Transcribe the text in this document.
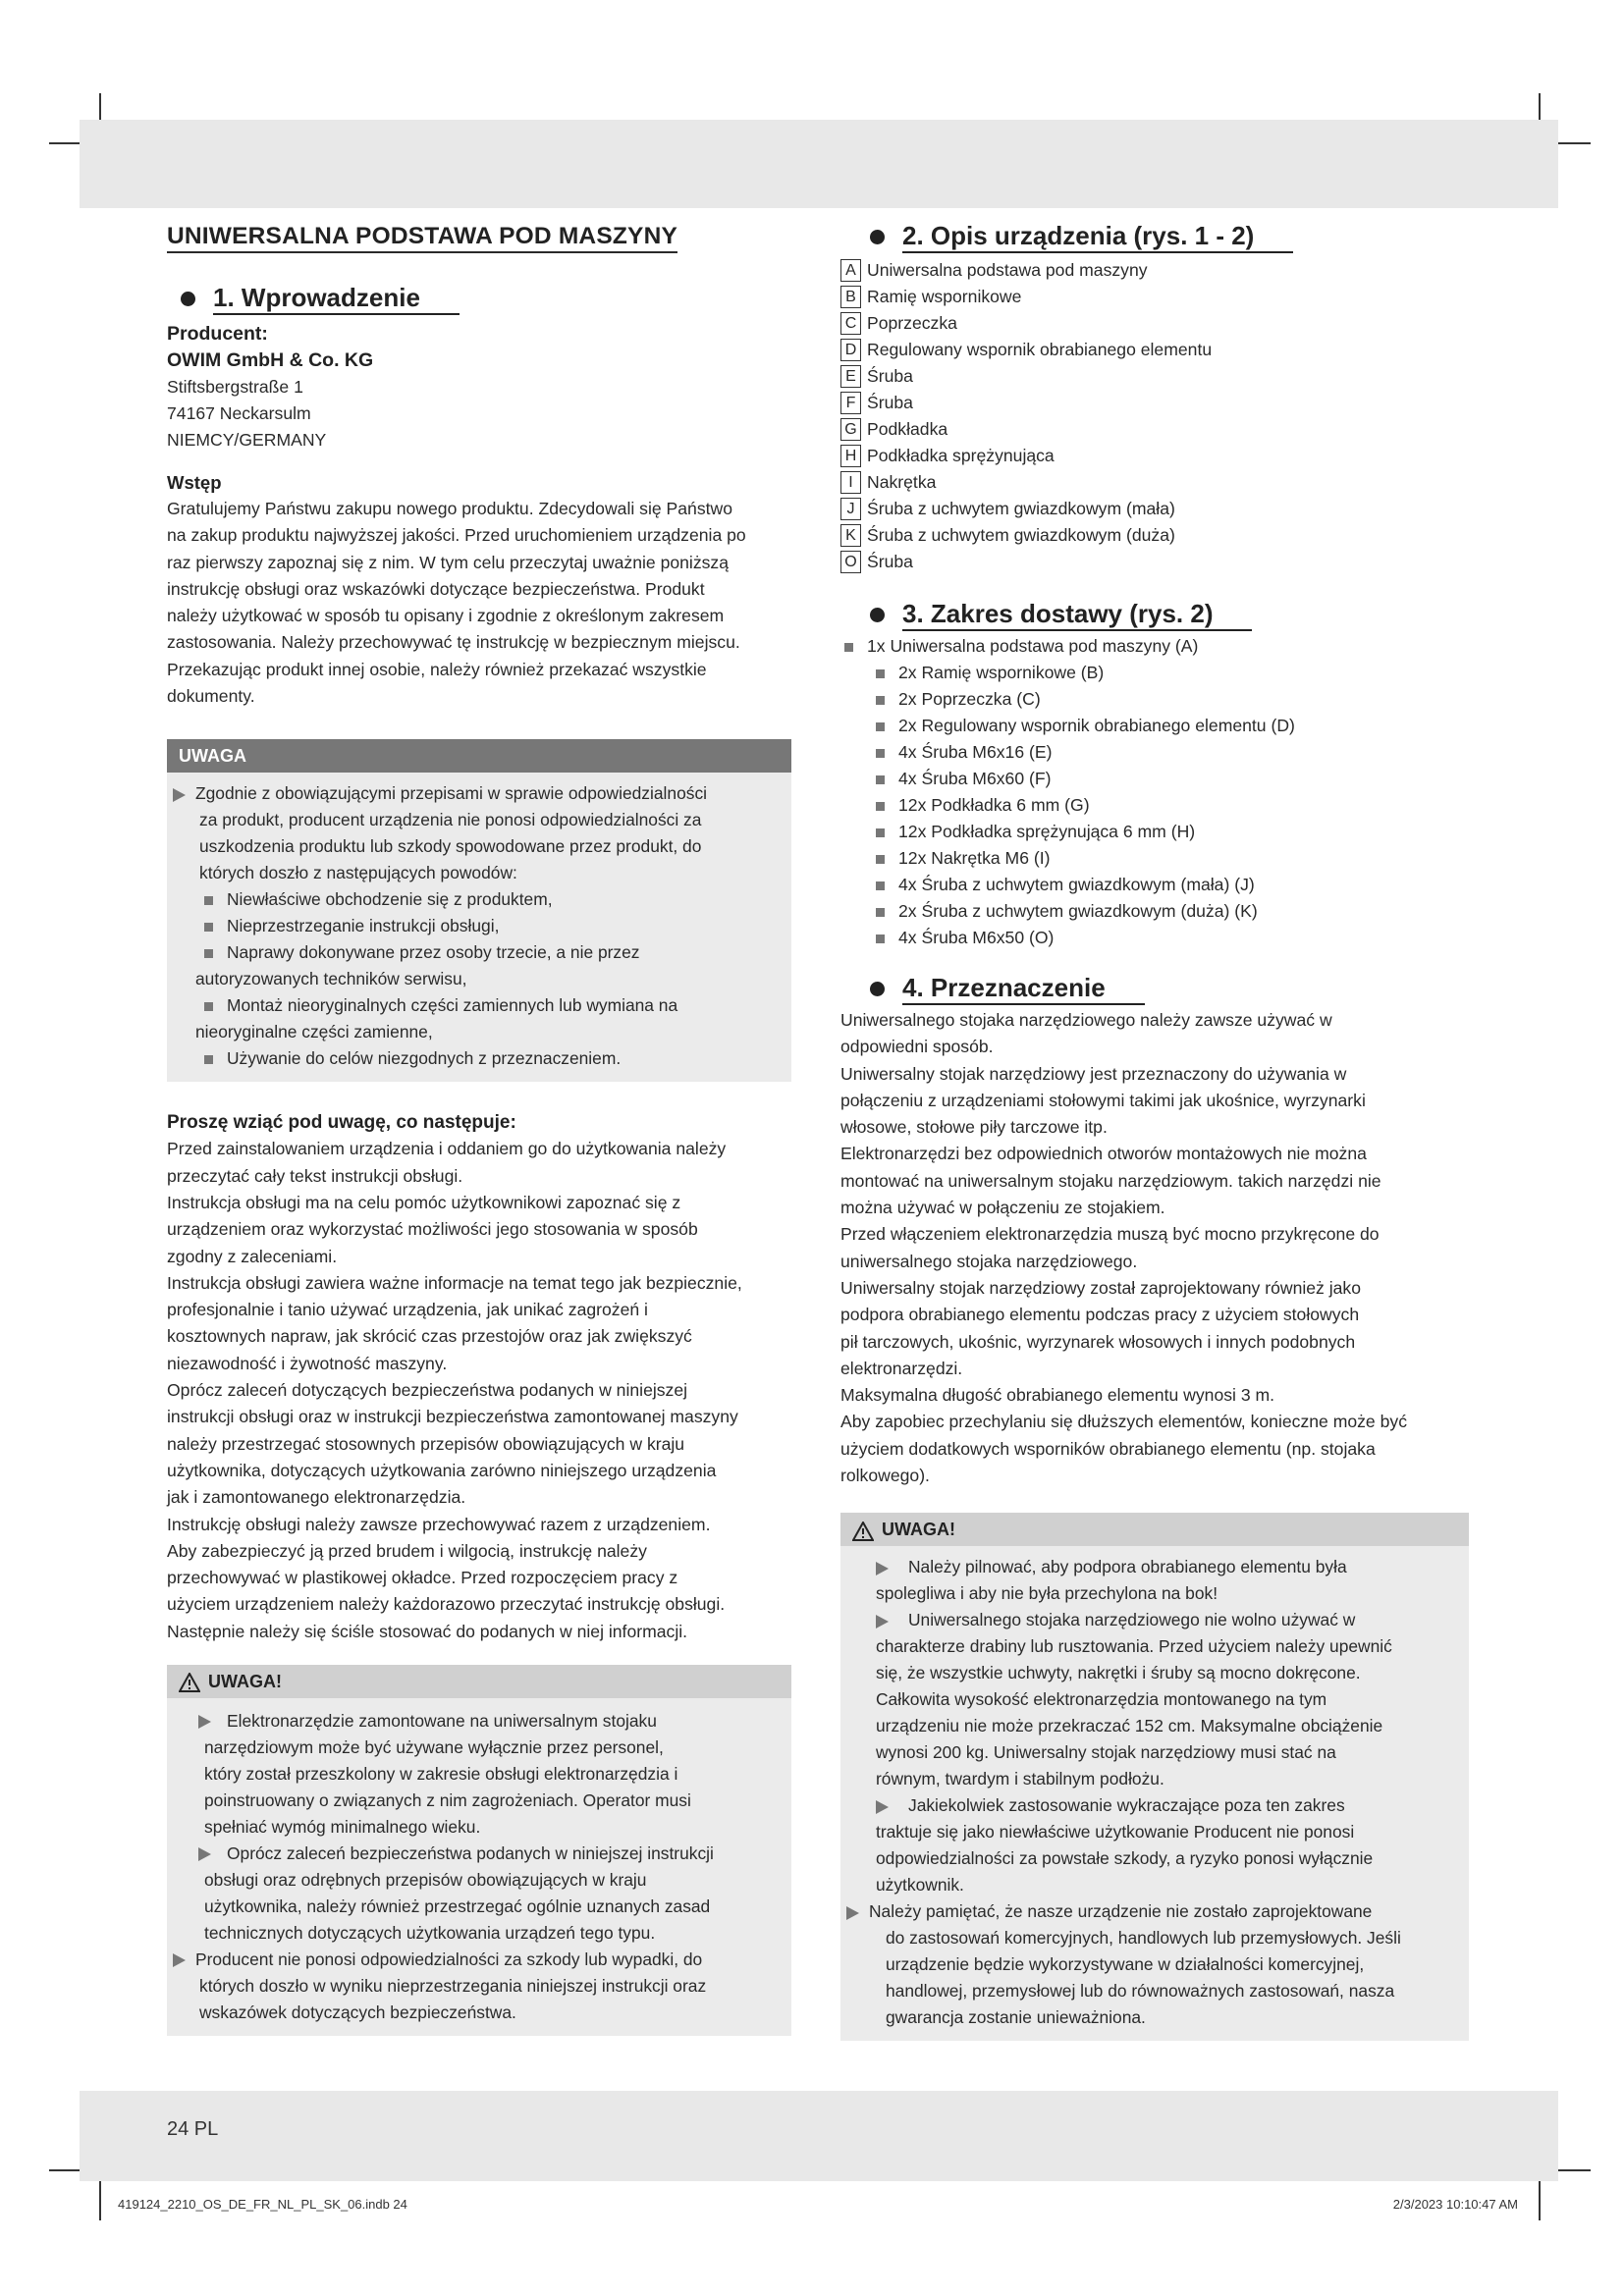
UNIWERSALNA PODSTAWA POD MASZYNY
1. Wprowadzenie
Producent:
OWIM GmbH & Co. KG
Stiftsbergstraße 1
74167 Neckarsulm
NIEMCY/GERMANY
Wstęp

Gratulujemy Państwu zakupu nowego produktu. Zdecydowali się Państwo

na zakup produktu najwyższej jakości. Przed uruchomieniem urządzenia po

raz pierwszy zapoznaj się z nim. W tym celu przeczytaj uważnie poniższą

instrukcję obsługi oraz wskazówki dotyczące bezpieczeństwa. Produkt

należy użytkować w sposób tu opisany i zgodnie z określonym zakresem

zastosowania. Należy przechowywać tę instrukcję w bezpiecznym miejscu.

Przekazując produkt innej osobie, należy również przekazać wszystkie

dokumenty.

UWAGA
Zgodnie z obowiązującymi przepisami w sprawie odpowiedzialności
za produkt, producent urządzenia nie ponosi odpowiedzialności za
uszkodzenia produktu lub szkody spowodowane przez produkt, do
których doszło z następujących powodów:
Niewłaściwe obchodzenie się z produktem,
Nieprzestrzeganie instrukcji obsługi,
Naprawy dokonywane przez osoby trzecie, a nie przez
autoryzowanych techników serwisu,
Montaż nieoryginalnych części zamiennych lub wymiana na
nieoryginalne części zamienne,
Używanie do celów niezgodnych z przeznaczeniem.
Proszę wziąć pod uwagę, co następuje:

Przed zainstalowaniem urządzenia i oddaniem go do użytkowania należy

przeczytać cały tekst instrukcji obsługi.

Instrukcja obsługi ma na celu pomóc użytkownikowi zapoznać się z

urządzeniem oraz wykorzystać możliwości jego stosowania w sposób

zgodny z zaleceniami.

Instrukcja obsługi zawiera ważne informacje na temat tego jak bezpiecznie,

profesjonalnie i tanio używać urządzenia, jak unikać zagrożeń i

kosztownych napraw, jak skrócić czas przestojów oraz jak zwiększyć

niezawodność i żywotność maszyny.

Oprócz zaleceń dotyczących bezpieczeństwa podanych w niniejszej

instrukcji obsługi oraz w instrukcji bezpieczeństwa zamontowanej maszyny

należy przestrzegać stosownych przepisów obowiązujących w kraju

użytkownika, dotyczących użytkowania zarówno niniejszego urządzenia

jak i zamontowanego elektronarzędzia.

Instrukcję obsługi należy zawsze przechowywać razem z urządzeniem.

Aby zabezpieczyć ją przed brudem i wilgocią, instrukcję należy

przechowywać w plastikowej okładce. Przed rozpoczęciem pracy z

użyciem urządzeniem należy każdorazowo przeczytać instrukcję obsługi.

Następnie należy się ściśle stosować do podanych w niej informacji.

UWAGA!
Elektronarzędzie zamontowane na uniwersalnym stojaku
narzędziowym może być używane wyłącznie przez personel,
który został przeszkolony w zakresie obsługi elektronarzędzia i
poinstruowany o związanych z nim zagrożeniach. Operator musi
spełniać wymóg minimalnego wieku.
Oprócz zaleceń bezpieczeństwa podanych w niniejszej instrukcji
obsługi oraz odrębnych przepisów obowiązujących w kraju
użytkownika, należy również przestrzegać ogólnie uznanych zasad
technicznych dotyczących użytkowania urządzeń tego typu.
Producent nie ponosi odpowiedzialności za szkody lub wypadki, do
których doszło w wyniku nieprzestrzegania niniejszej instrukcji oraz
wskazówek dotyczących bezpieczeństwa.
2. Opis urządzenia (rys. 1 - 2)
A Uniwersalna podstawa pod maszyny
B Ramię wspornikowe
C Poprzeczka
D Regulowany wspornik obrabianego elementu
E Śruba
F Śruba
G Podkładka
H Podkładka sprężynująca
I Nakrętka
J Śruba z uchwytem gwiazdkowym (mała)
K Śruba z uchwytem gwiazdkowym (duża)
O Śruba
3. Zakres dostawy (rys. 2)
1x Uniwersalna podstawa pod maszyny (A)
2x Ramię wspornikowe (B)
2x Poprzeczka (C)
2x Regulowany wspornik obrabianego elementu (D)
4x Śruba M6x16 (E)
4x Śruba M6x60 (F)
12x Podkładka 6 mm (G)
12x Podkładka sprężynująca 6 mm (H)
12x Nakrętka M6 (I)
4x Śruba z uchwytem gwiazdkowym (mała) (J)
2x Śruba z uchwytem gwiazdkowym (duża) (K)
4x Śruba M6x50 (O)
4. Przeznaczenie

Uniwersalnego stojaka narzędziowego należy zawsze używać w

odpowiedni sposób.

Uniwersalny stojak narzędziowy jest przeznaczony do używania w

połączeniu z urządzeniami stołowymi takimi jak ukośnice, wyrzynarki

włosowe, stołowe piły tarczowe itp.

Elektronarzędzi bez odpowiednich otworów montażowych nie można

montować na uniwersalnym stojaku narzędziowym. takich narzędzi nie

można używać w połączeniu ze stojakiem.

Przed włączeniem elektronarzędzia muszą być mocno przykręcone do

uniwersalnego stojaka narzędziowego.

Uniwersalny stojak narzędziowy został zaprojektowany również jako

podpora obrabianego elementu podczas pracy z użyciem stołowych

pił tarczowych, ukośnic, wyrzynarek włosowych i innych podobnych

elektronarzędzi.

Maksymalna długość obrabianego elementu wynosi 3 m.

Aby zapobiec przechylaniu się dłuższych elementów, konieczne może być

użyciem dodatkowych wsporników obrabianego elementu (np. stojaka

rolkowego).

UWAGA!
Należy pilnować, aby podpora obrabianego elementu była
spolegliwa i aby nie była przechylona na bok!
Uniwersalnego stojaka narzędziowego nie wolno używać w
charakterze drabiny lub rusztowania. Przed użyciem należy upewnić
się, że wszystkie uchwyty, nakrętki i śruby są mocno dokręcone.
Całkowita wysokość elektronarzędzia montowanego na tym
urządzeniu nie może przekraczać 152 cm. Maksymalne obciążenie
wynosi 200 kg. Uniwersalny stojak narzędziowy musi stać na
równym, twardym i stabilnym podłożu.
Jakiekolwiek zastosowanie wykraczające poza ten zakres
traktuje się jako niewłaściwe użytkowanie Producent nie ponosi
odpowiedzialności za powstałe szkody, a ryzyko ponosi wyłącznie
użytkownik.
Należy pamiętać, że nasze urządzenie nie zostało zaprojektowane
do zastosowań komercyjnych, handlowych lub przemysłowych. Jeśli
urządzenie będzie wykorzystywane w działalności komercyjnej,
handlowej, przemysłowej lub do równoważnych zastosowań, nasza
gwarancja zostanie unieważniona.
24 PL
419124_2210_OS_DE_FR_NL_PL_SK_06.indb 24	2/3/2023 10:10:47 AM
